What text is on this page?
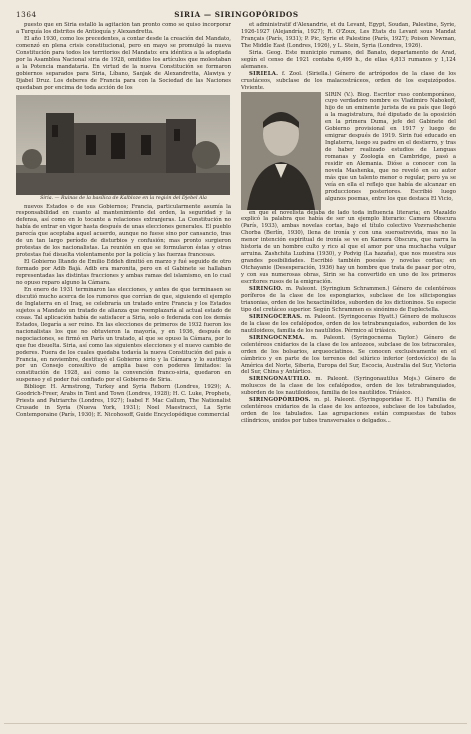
1364	SIRIA — SIRINGOPÓRIDOS

puesto que en Siria estalló la agitación tan pronto como se quiso incorporar a Turquía los distritos de Antioquía y Alexandretta.

El año 1930, como los precedentes, a contar desde la creación del Mandato, comenzó en plena crisis constitucional, pero en mayo se promulgó la nueva Constitución para todos los territorios del Mandato: era idéntica a la adoptada por la Asamblea Nacional siria de 1928, omitidos los artículos que molestaban a la Potencia mandataria. En virtud de la nueva Constitución se formaron gobiernos separados para Siria, Líbano, Sanjak de Alexandretta, Alawiya y Djabel Druz. Los deberes de Francia para con la Sociedad de las Naciones quedaban por encima de toda acción de los

Siria. — Ruinas de la basílica de Kalbloze en la región del Djebel Ala

nuevos Estados o de sus Gobiernos; Francia, particularmente asumía la responsabilidad en cuanto al mantenimiento del orden, la seguridad y la defensa, así como en lo tocante a relaciones extranjeras. La Constitución no había de entrar en vigor hasta después de unas elecciones generales. El pueblo parecía que aceptaba aquel acuerdo, aunque no fuese sino por cansancio, tras de un tan largo período de disturbios y confusión; mas pronto surgieron protestas de los nacionalistas. La reunión en que se formularon éstas y otras protestas fué disuelta violentamente por la policía y las fuerzas francesas.

El Gobierno Iltando de Emilio Eddeh dimitió en marzo y fué seguido de otro formado por Adib Bajá. Adib era maronita, pero en el Gabinete se hallaban representadas las distintas fracciones y ambas ramas del islamismo, en lo cual no opuso reparo alguno la Cámara.

En enero de 1931 terminaron las elecciones, y antes de que terminasen se discutió mucho acerca de los rumores que corrían de que, siguiendo el ejemplo de Inglaterra en el Iraq, se celebraría un tratado entre Francia y los Estados sujetos a Mandato un tratado de alianza que reemplazaría al actual estado de cosas. Tal aplicación había de satisfacer a Siria, solo o federada con los demás Estados, llegaría a ser reino. En las elecciones de primeros de 1932 fueron los nacionalistas los que no obtuvieron la mayoría, y en 1936, después de negociaciones, se firmó en París un tratado, al que se opuso la Cámara, por lo que fue disuelta. Siria, así como las siguientes elecciones y el nuevo cambio de poderes. Fuera de los cuales quedaba todavía la nueva Constitución del país a Francia, en noviembre, destituyó el Gobierno sirio y la Cámara y lo sustituyó por un Consejo consultivo de amplia base con poderes limitados: la constitución de 1928, así como la convención franco-siria, quedaron en suspenso y el poder fué confiado por el Gobierno de Siria.

Bibliogr. H. Armstrong, Turkey and Syria Reborn (Londres, 1929); A. Goodrich-Freer, Arabs in Tent and Town (Londres, 1928); H. C. Luke, Prophets, Priests and Patriarchs (Londres, 1927); Isabel F. Mac Callum, The Nationalist Crusade in Syria (Nueva York, 1931); Noel Maestracci, La Syrie Contemporaine (París, 1930); E. Nicohosoff, Guide Encyclopédique commercial

et administratif d'Alexandrie, et du Levant, Egypt, Soudan, Palestine, Syrie, 1926-1927 (Alejandría, 1927); R. O'Zoux, Les Etats du Levant sous Mandat Français (París, 1931); P. Pic, Syrie et Palestine (París, 1927); Poison Newman, The Middle East (Londres, 1926), y L. Stein, Syria (Londres, 1926).

Siria. Geog. Este municipio rumano, del Banato, departamento de Arad, según el censo de 1921 contaba 6,499 h., de ellas 4,813 rumanos y 1,124 alemanes.

SIRIELA. f. Zool. (Siriella.) Género de artrópodos de la clase de los crustáceos, subclase de los malacostráceos, orden de los esquizópodos. Viviente.

SIRIN (V.). Biog. Escritor ruso contemporáneo, cuyo verdadero nombre es Vladimiro Nabokoff, hijo de un eminente jurista de su país que llegó a la magistratura, fué diputado de la oposición en la primera Duma, jefe del Gabinete del Gobierno provisional en 1917 y luego de emigrar después de 1919. Sirin fué educado en Inglaterra, luego su padre en el destierro, y tras de haber realizado estudios de Lenguas romanas y Zoología en Cambridge, pasó a residir en Alemania. Dióse a conocer con la novela Mashenka, que no reveló en su autor más que un talento menor o regular, pero ya se veía en ella el reflejo que había de alcanzar en producciones posteriores. Escribió luego algunos poemas, entre los que destaca El Vicio,

en que el novelista dejaba de lado toda influencia literaria; en Mazaldo explicó la palabra que había de ser un ejemplo literario: Camera Obscura (París, 1933), ambas novelas cortas, bajo el título colectivo Vozvrashchenie Chorba (Berlín, 1930), llena de ironía y con una sueroatrevida, mas no la menor intención espiritual de ironía se ve en Kamera Obscura, que narra la historia de un hombre culto y rico al que el amor por una muchacha vulgar arruina. Zashchita Luzhina (1930), y Podvig (La hazaña), que nos muestra sus grandes posibilidades. Escribió también poesías y novelas cortas; en Otchayanie (Desesperación, 1936) hay un hombre que trata de pasar por otro, y con sus numerosas obras, Sirin se ha convertido en uno de los primeros escritores rusos de la emigración.

SIRINGIO. m. Paleont. (Syringium Schrammen.) Género de celentéreos poríferos de la clase de los espongiarios, subclase de los silicispongias triaxonias, orden de los hexactinélidos, suborden de los dictioninos. Su especie tipo del cretáceo superior. Según Schrammen es sinónimo de Euplectella.

SIRINGOCERAS. m. Paleont. (Syringoceras Hyatt.) Género de moluscos de la clase de los cefalópodos, orden de los tetrabranquiados, suborden de los nautiloideos, familia de los nautílidos. Pérmico al triásico.

SIRINGOCNEMA. m. Paleont. (Syringocnema Taylor.) Género de celentéreos cnidarios de la clase de los antozoos, subclase de los tetracorales, orden de los bolsarios, arqueociatinos. Se conocen exclusivamente en el cámbrico y en parte de los terrenos del silúrico inferior (ordovícico) de la América del Norte, Siberia, Europa del Sur, Escocia, Australia del Sur, Victoria del Sur, China y Antártico.

SIRINGONAUTILO. m. Paleont. (Syringonautilus Mojs.) Género de moluscos de la clase de los cefalópodos, orden de los tetrabranquiados, suborden de los nautiloideos, familia de los nautílidos. Triásico.

SIRINGOPÓRIDOS. m. pl. Paleont. (Syringoporidae E. H.) Familia de celentéreos cnidarios de la clase de los antozoos, subclase de los tabulados, orden de los tabulados. Las agrupaciones están compuestas de tubos cilíndricos, unidos por tubos transversales o delgados...
